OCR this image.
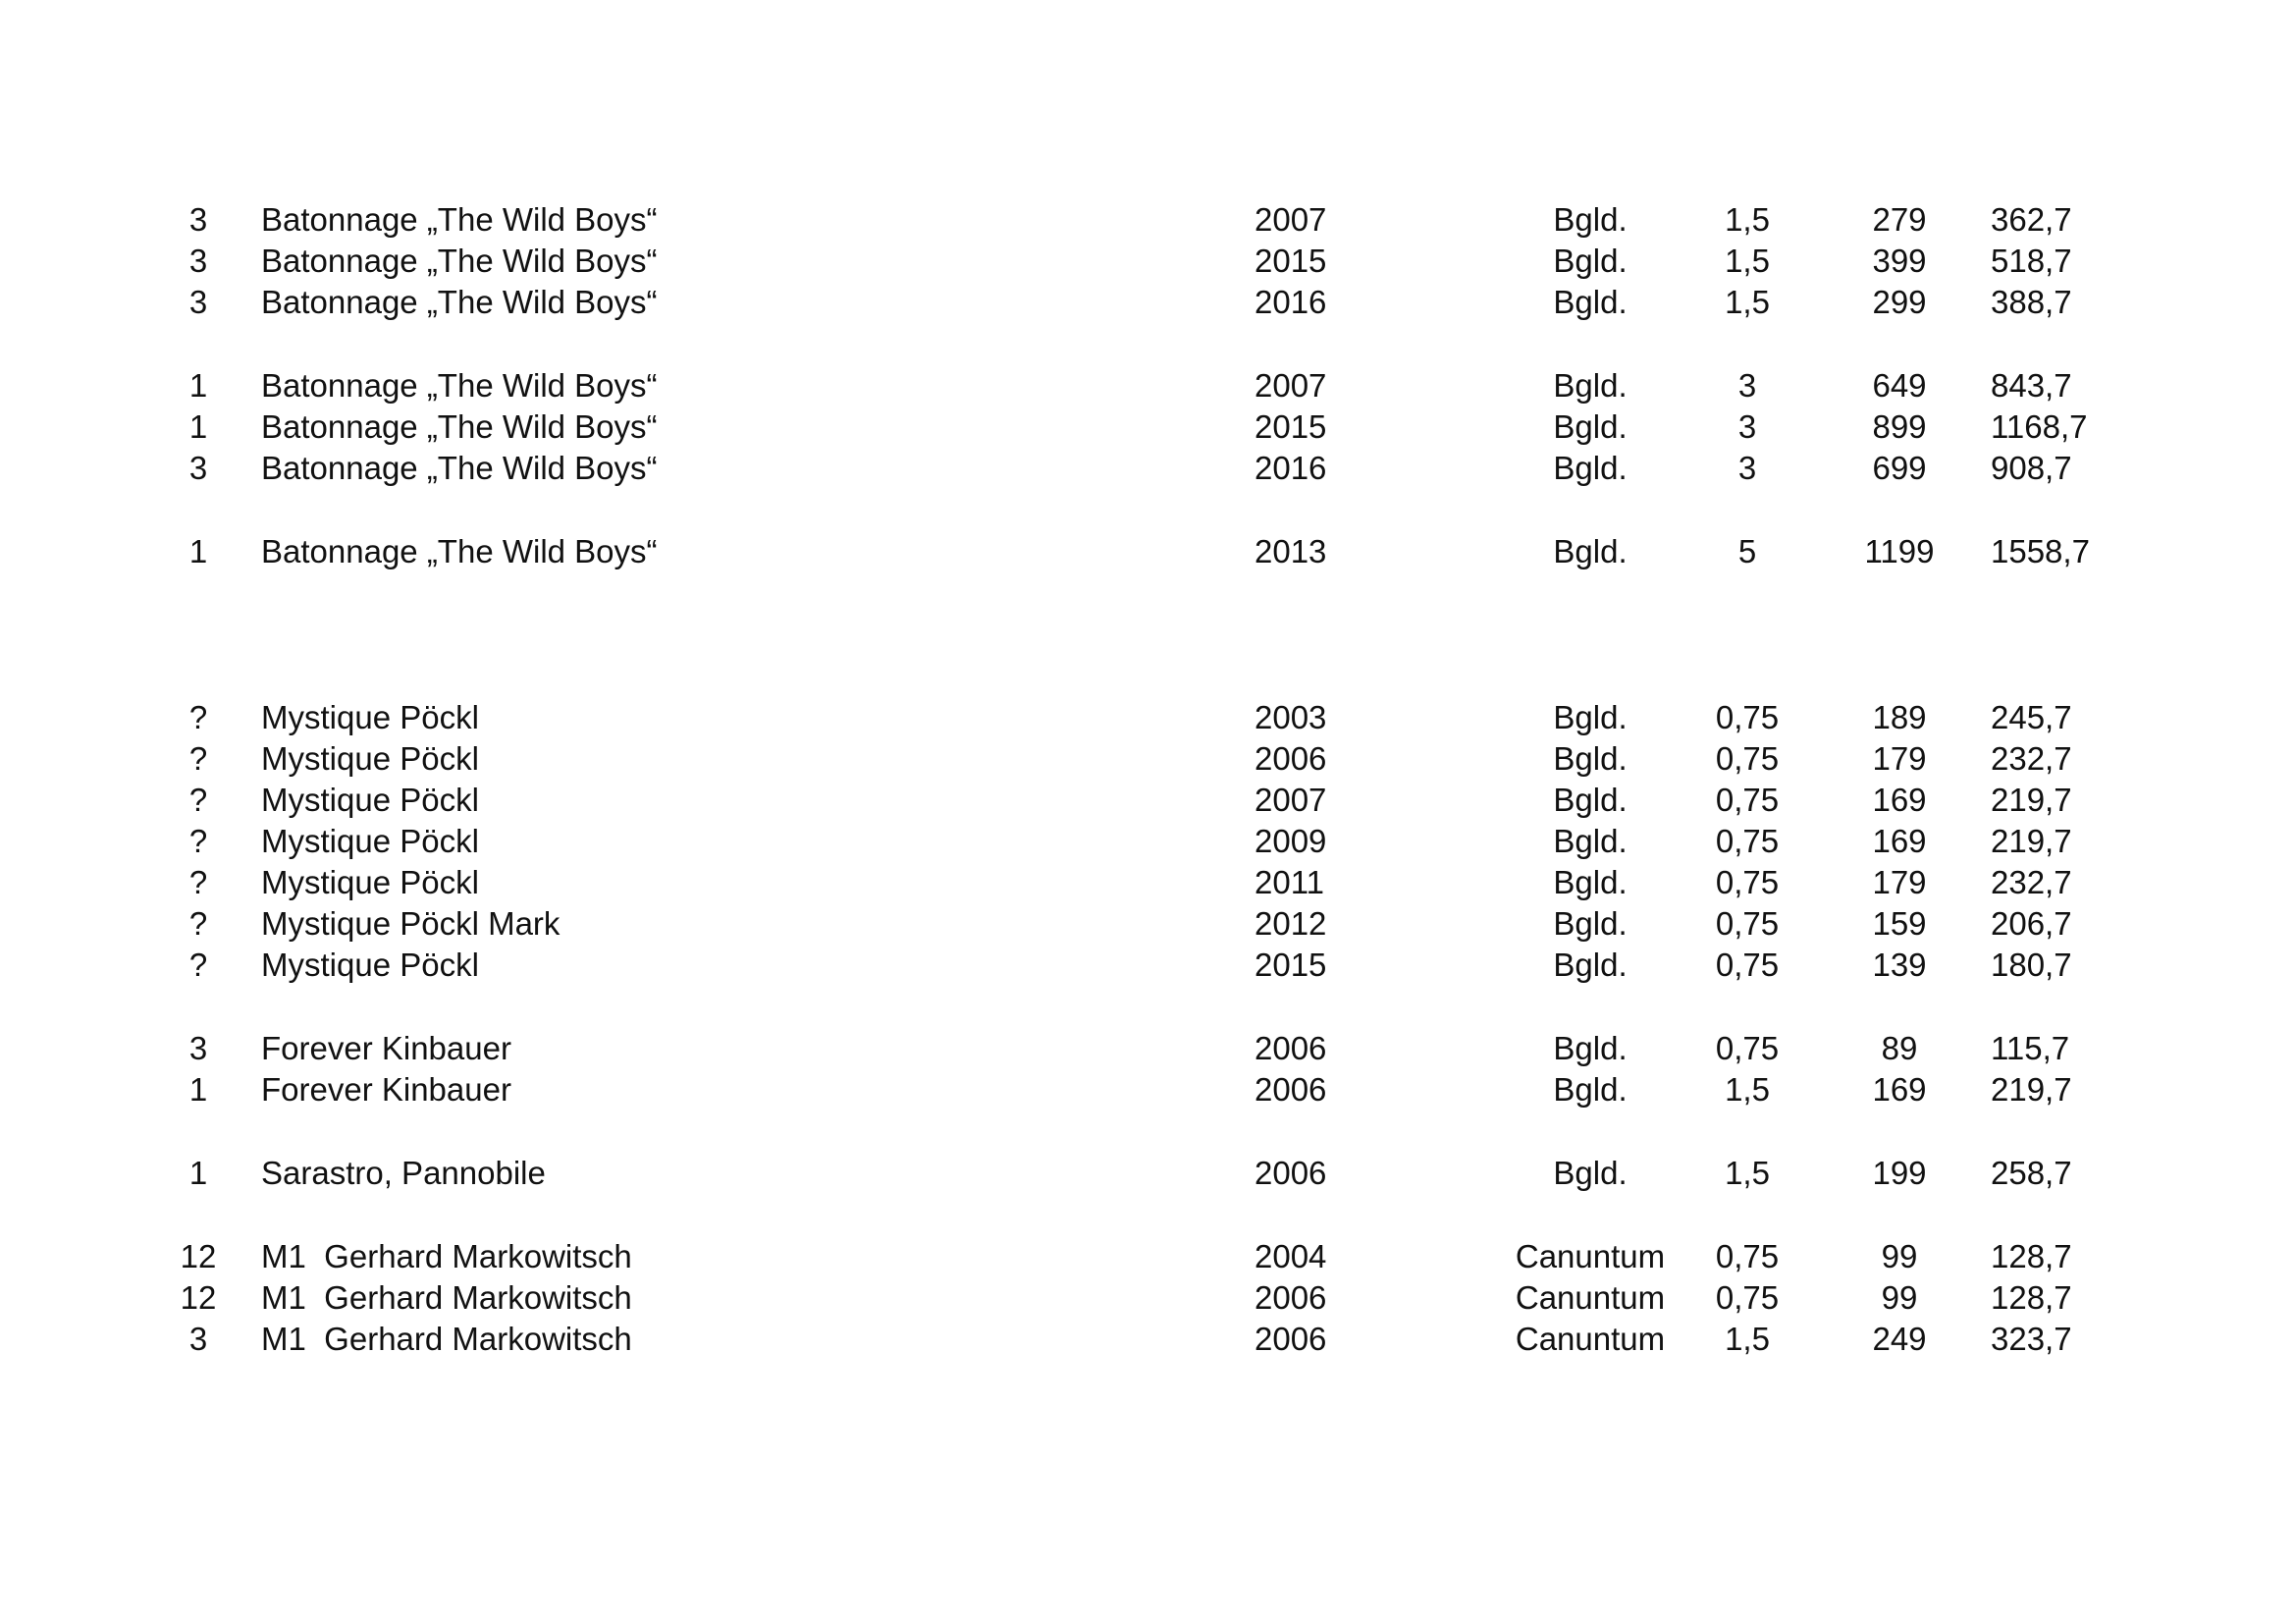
3	Batonnage „The Wild Boys“	2007	Bgld.	1,5	279	362,7
3	Batonnage „The Wild Boys“	2015	Bgld.	1,5	399	518,7
3	Batonnage „The Wild Boys“	2016	Bgld.	1,5	299	388,7
1	Batonnage „The Wild Boys“	2007	Bgld.	3	649	843,7
1	Batonnage „The Wild Boys“	2015	Bgld.	3	899	1168,7
3	Batonnage „The Wild Boys“	2016	Bgld.	3	699	908,7
1	Batonnage „The Wild Boys“	2013	Bgld.	5	1199	1558,7
?	Mystique Pöckl	2003	Bgld.	0,75	189	245,7
?	Mystique Pöckl	2006	Bgld.	0,75	179	232,7
?	Mystique Pöckl	2007	Bgld.	0,75	169	219,7
?	Mystique Pöckl	2009	Bgld.	0,75	169	219,7
?	Mystique Pöckl	2011	Bgld.	0,75	179	232,7
?	Mystique Pöckl Mark	2012	Bgld.	0,75	159	206,7
?	Mystique Pöckl	2015	Bgld.	0,75	139	180,7
3	Forever Kinbauer	2006	Bgld.	0,75	89	115,7
1	Forever Kinbauer	2006	Bgld.	1,5	169	219,7
1	Sarastro, Pannobile	2006	Bgld.	1,5	199	258,7
12	M1  Gerhard Markowitsch	2004	Canuntum	0,75	99	128,7
12	M1  Gerhard Markowitsch	2006	Canuntum	0,75	99	128,7
3	M1  Gerhard Markowitsch	2006	Canuntum	1,5	249	323,7
